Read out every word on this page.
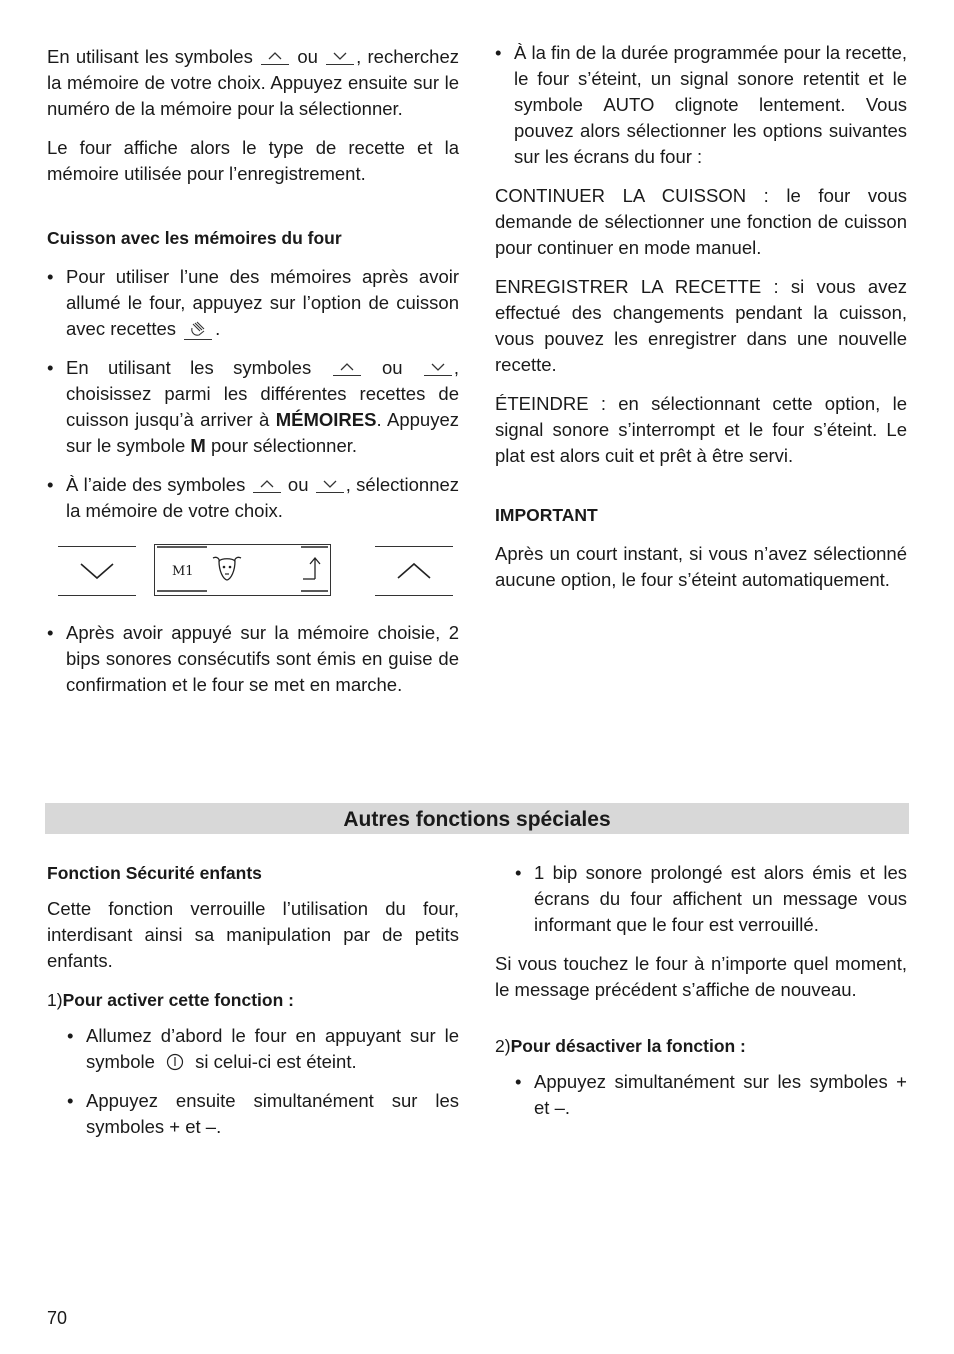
En utilisant les symboles ou , recherchez la mémoire de votre choix. Appuyez ensuite sur le numéro de la mémoire pour la sélectionner.

Le four affiche alors le type de recette et la mémoire utilisée pour l’enregistrement.

Cuisson avec les mémoires du four
• Pour utiliser l’une des mémoires après avoir allumé le four, appuyez sur l’option de cuisson avec recettes .
• En utilisant les symboles	ou	, choisissez parmi les différentes recettes de cuisson jusqu’à arriver à MÉMOIRES. Appuyez sur le symbole M pour sélectionner.
• À l’aide des symboles ou , sélectionnez la mémoire de votre choix.
M1
• Après avoir appuyé sur la mémoire choisie, 2 bips sonores consécutifs sont émis en guise de confirmation et le four se met en marche.
• À la fin de la durée programmée pour la recette, le four s’éteint, un signal sonore retentit et le symbole AUTO clignote lentement. Vous pouvez alors sélectionner les options suivantes sur les écrans du four :

CONTINUER LA CUISSON : le four vous demande de sélectionner une fonction de cuisson pour continuer en mode manuel.

ENREGISTRER LA RECETTE : si vous avez effectué des changements pendant la cuisson, vous pouvez les enregistrer dans une nouvelle recette.

ÉTEINDRE : en sélectionnant cette option, le signal sonore s’interrompt et le four s’éteint. Le plat est alors cuit et prêt à être servi.

IMPORTANT

Après un court instant, si vous n’avez sélectionné aucune option, le four s’éteint automatiquement.

Autres fonctions spéciales
Fonction Sécurité enfants

Cette fonction verrouille l’utilisation du four, interdisant ainsi sa manipulation par de petits enfants.

1)Pour activer cette fonction :
• Allumez d’abord le four en appuyant sur le symbole si celui-ci est éteint.
• Appuyez ensuite simultanément sur les symboles + et –.
• 1 bip sonore prolongé est alors émis et les écrans du four affichent un message vous informant que le four est verrouillé.

Si vous touchez le four à n’importe quel moment, le message précédent s’affiche de nouveau.

2)Pour désactiver la fonction :
• Appuyez simultanément sur les symboles + et –.
70
